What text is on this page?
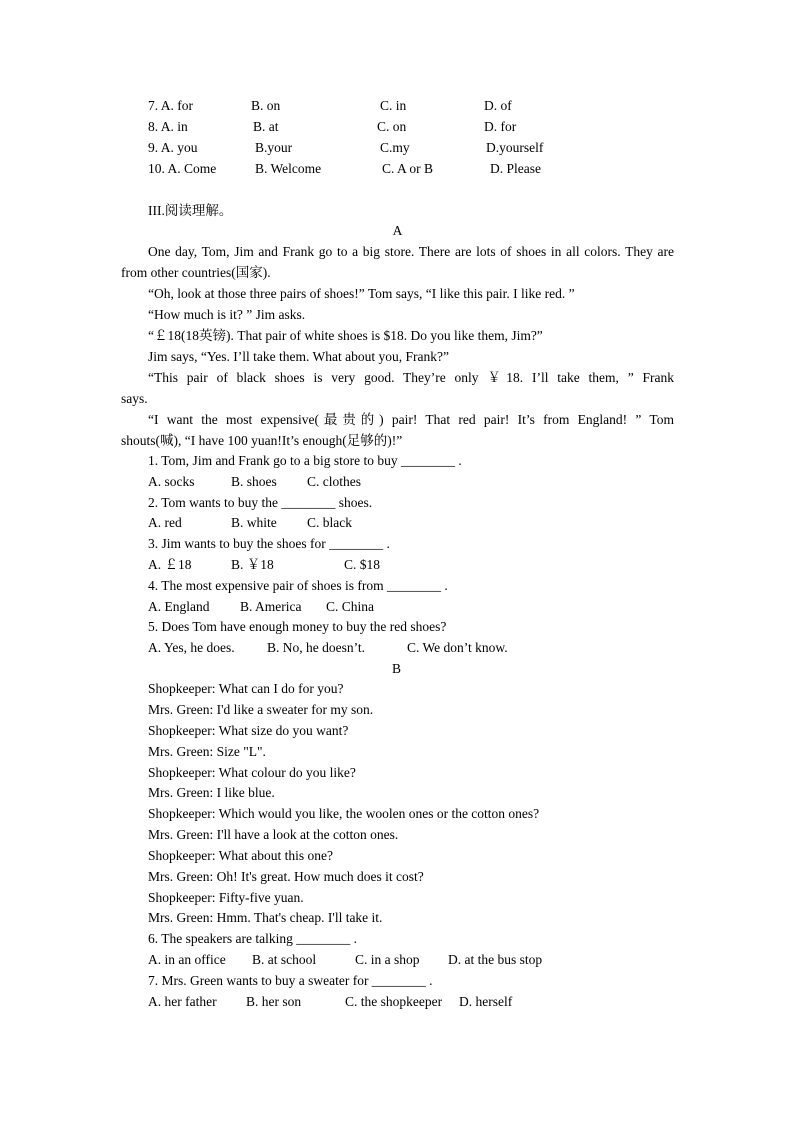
7. A. for	B. on	C. in	D. of
8. A. in	B. at	C. on	D. for
9. A. you	B.your	C.my	D.yourself
10. A. Come	B. Welcome	C. A or B	D. Please
III.阅读理解。
A
One day, Tom, Jim and Frank go to a big store. There are lots of shoes in all colors. They are
from other countries(国家).
“Oh, look at those three pairs of shoes!” Tom says, “I like this pair. I like red. ”
“How much is it? ” Jim asks.
“￡18(18英镑). That pair of white shoes is $18. Do you like them, Jim?”
Jim says, “Yes. I’ll take them. What about you, Frank?”
“This pair of black shoes is very good. They’re only ￥18. I’ll take them, ” Frank
says.
“I want the most expensive(最贵的) pair! That red pair! It’s from England! ” Tom
shouts(喊), “I have 100 yuan!It’s enough(足够的)!”
1. Tom, Jim and Frank go to a big store to buy ________ .
A. socks	B. shoes C. clothes
2. Tom wants to buy the ________ shoes.
A. red	B. white C. black
3. Jim wants to buy the shoes for ________ .
A. ￡18	B. ￥18	C. $18
4. The most expensive pair of shoes is from ________ .
A. England B. America C. China
5. Does Tom have enough money to buy the red shoes?
A. Yes, he does. B. No, he doesn’t.	C. We don’t know.
B
Shopkeeper: What can I do for you?
Mrs. Green: I'd like a sweater for my son.
Shopkeeper: What size do you want?
Mrs. Green: Size "L".
Shopkeeper: What colour do you like?
Mrs. Green: I like blue.
Shopkeeper: Which would you like, the woolen ones or the cotton ones?
Mrs. Green: I'll have a look at the cotton ones.
Shopkeeper: What about this one?
Mrs. Green: Oh! It's great. How much does it cost?
Shopkeeper: Fifty-five yuan.
Mrs. Green: Hmm. That's cheap. I'll take it.
6. The speakers are talking ________ .
A. in an office B. at school	C. in a shop D. at the bus stop
7. Mrs. Green wants to buy a sweater for ________ .
A. her father B. her son	C. the shopkeeper D. herself
